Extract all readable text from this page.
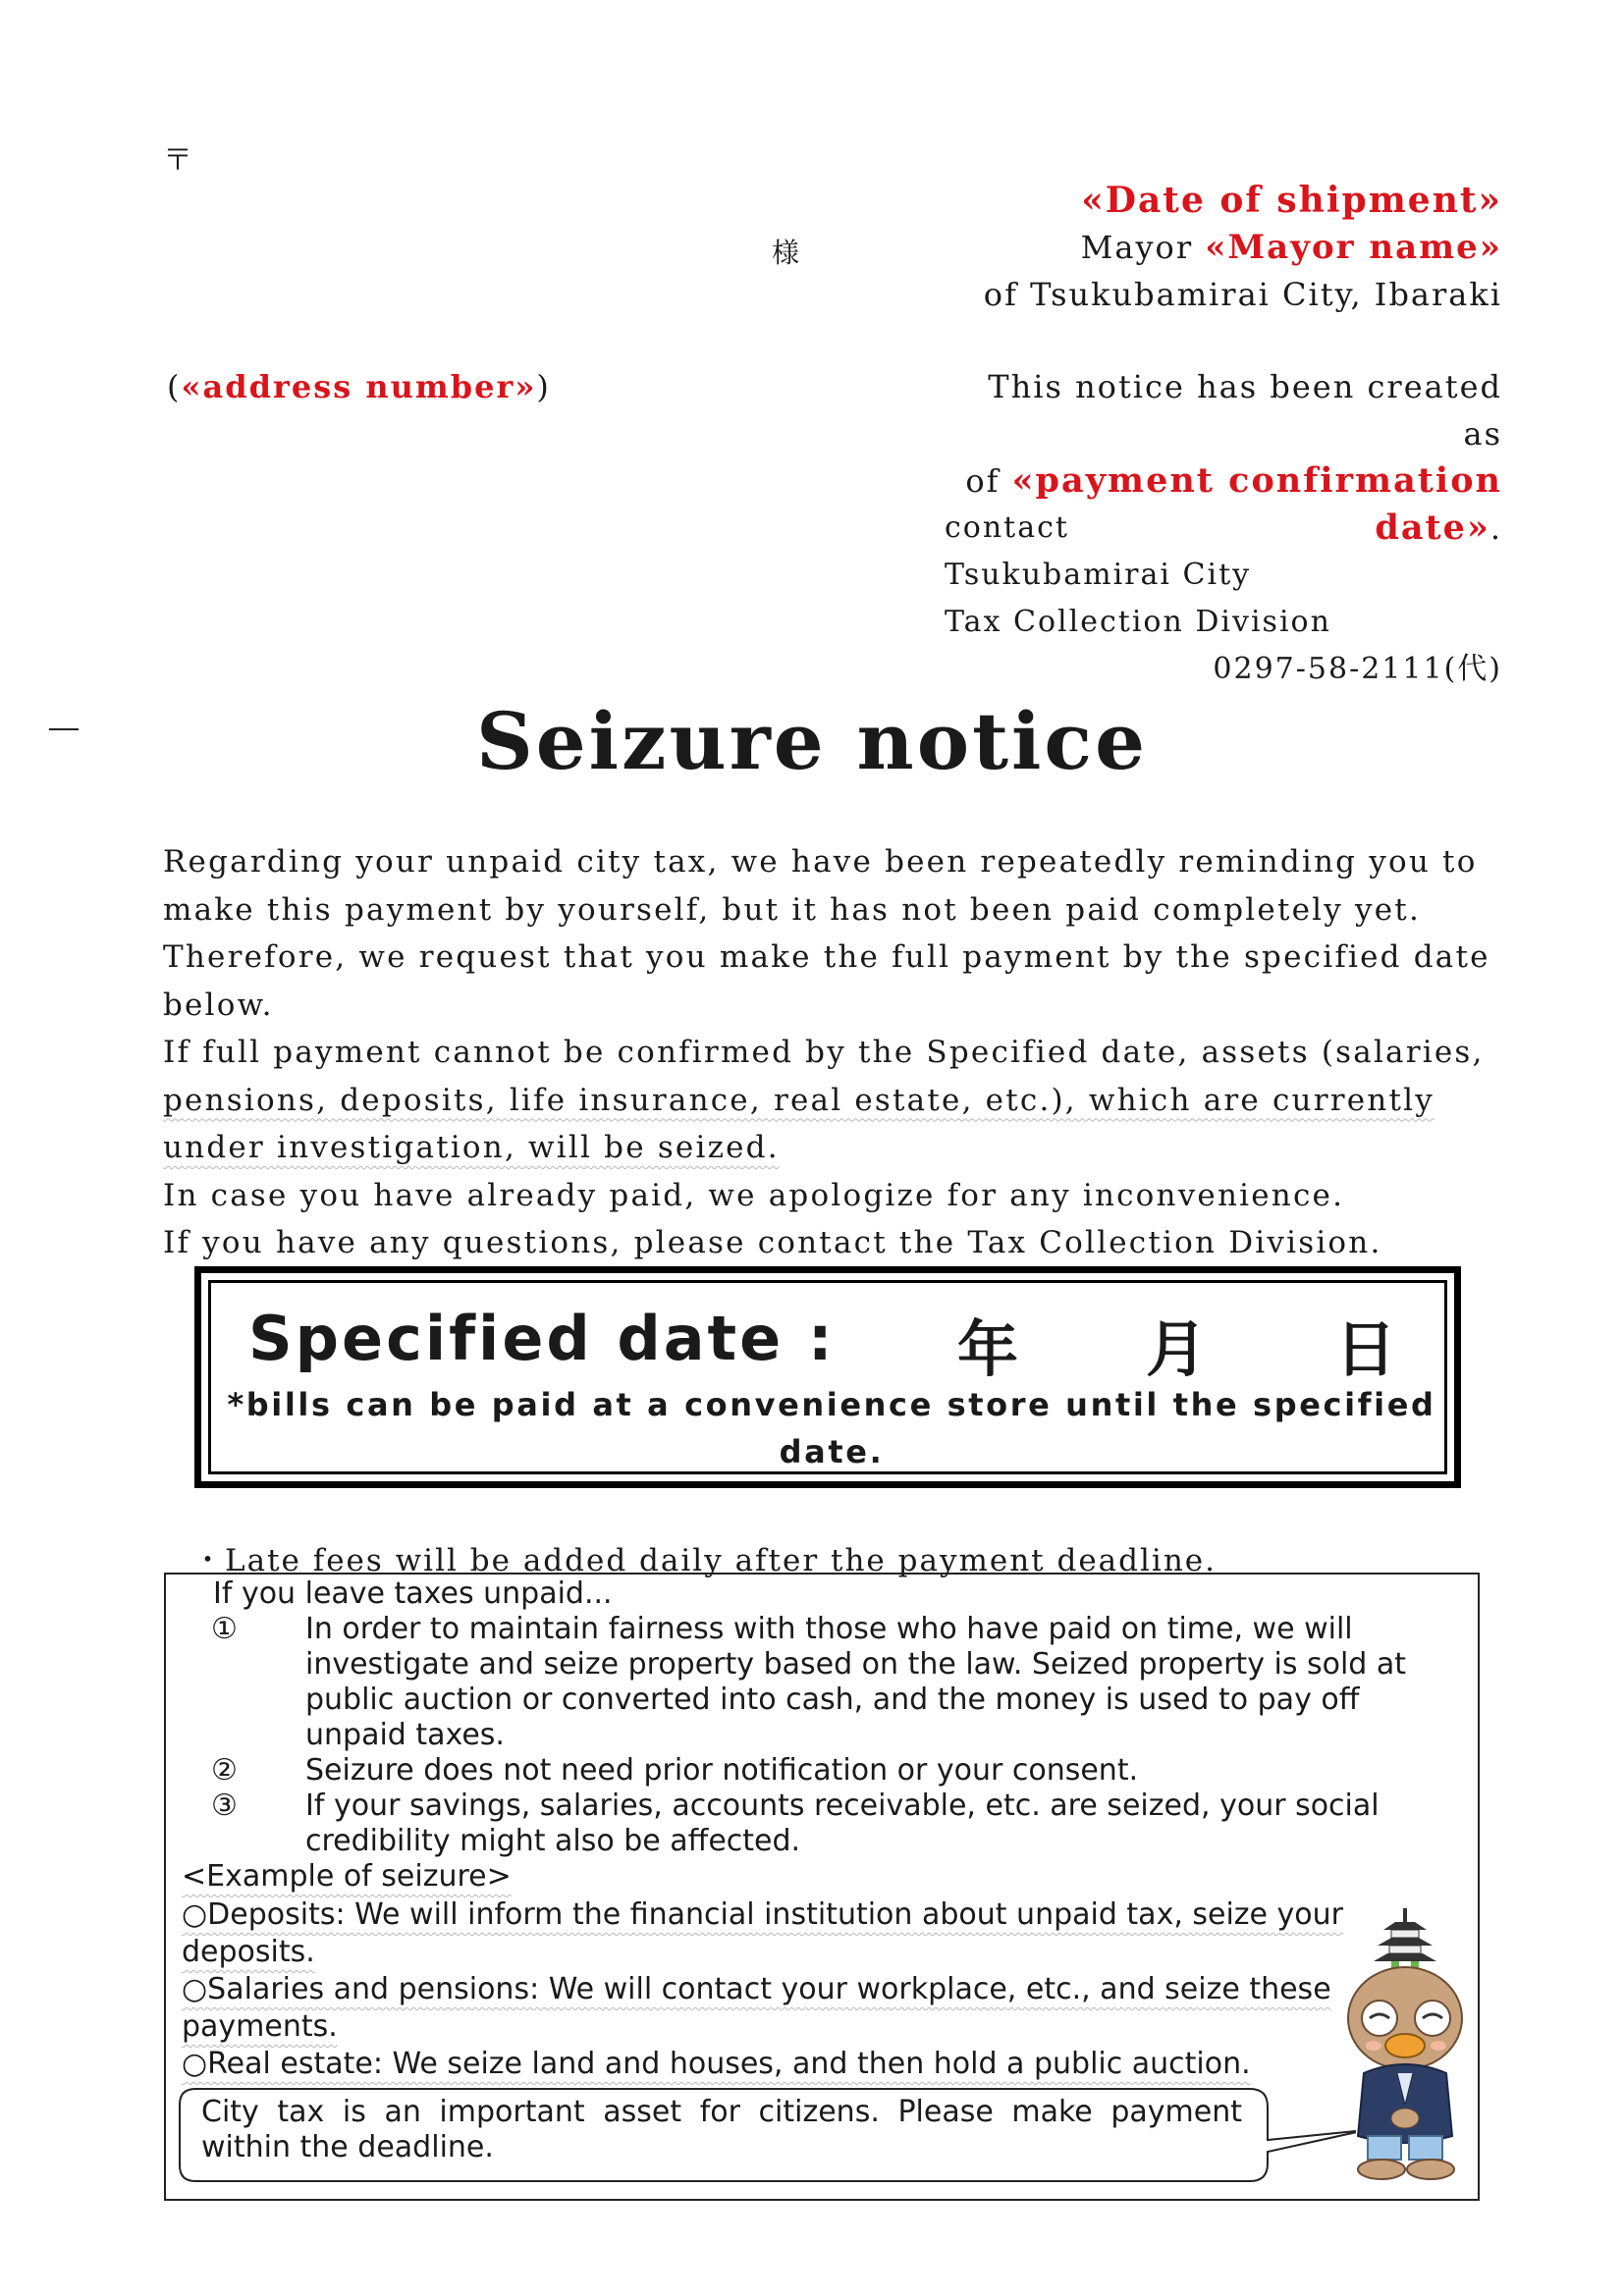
〒
様
«Date of shipment»
Mayor «Mayor name»
of Tsukubamirai City, Ibaraki
(«address number»)	This notice has been created as
of «payment confirmation
date».
contact
Tsukubamirai City
Tax Collection Division
0297-58-2111(代)
Seizure notice
Regarding your unpaid city tax, we have been repeatedly reminding you to
make this payment by yourself, but it has not been paid completely yet.
Therefore, we request that you make the full payment by the specified date
below.
If full payment cannot be confirmed by the Specified date, assets (salaries,
pensions, deposits, life insurance, real estate, etc.), which are currently
under investigation, will be seized.
In case you have already paid, we apologize for any inconvenience.
If you have any questions, please contact the Tax Collection Division.
Specified date : 年 月 日
*bills can be paid at a convenience store until the specified date.
・Late fees will be added daily after the payment deadline.
If you leave taxes unpaid...
①	In order to maintain fairness with those who have paid on time, we will investigate and seize property based on the law. Seized property is sold at public auction or converted into cash, and the money is used to pay off unpaid taxes.
②	Seizure does not need prior notification or your consent.
③	If your savings, salaries, accounts receivable, etc. are seized, your social credibility might also be affected.
<Example of seizure>
○Deposits: We will inform the financial institution about unpaid tax, seize your deposits.
○Salaries and pensions: We will contact your workplace, etc., and seize these payments.
○Real estate: We seize land and houses, and then hold a public auction.
City tax is an important asset for citizens. Please make payment within the deadline.
